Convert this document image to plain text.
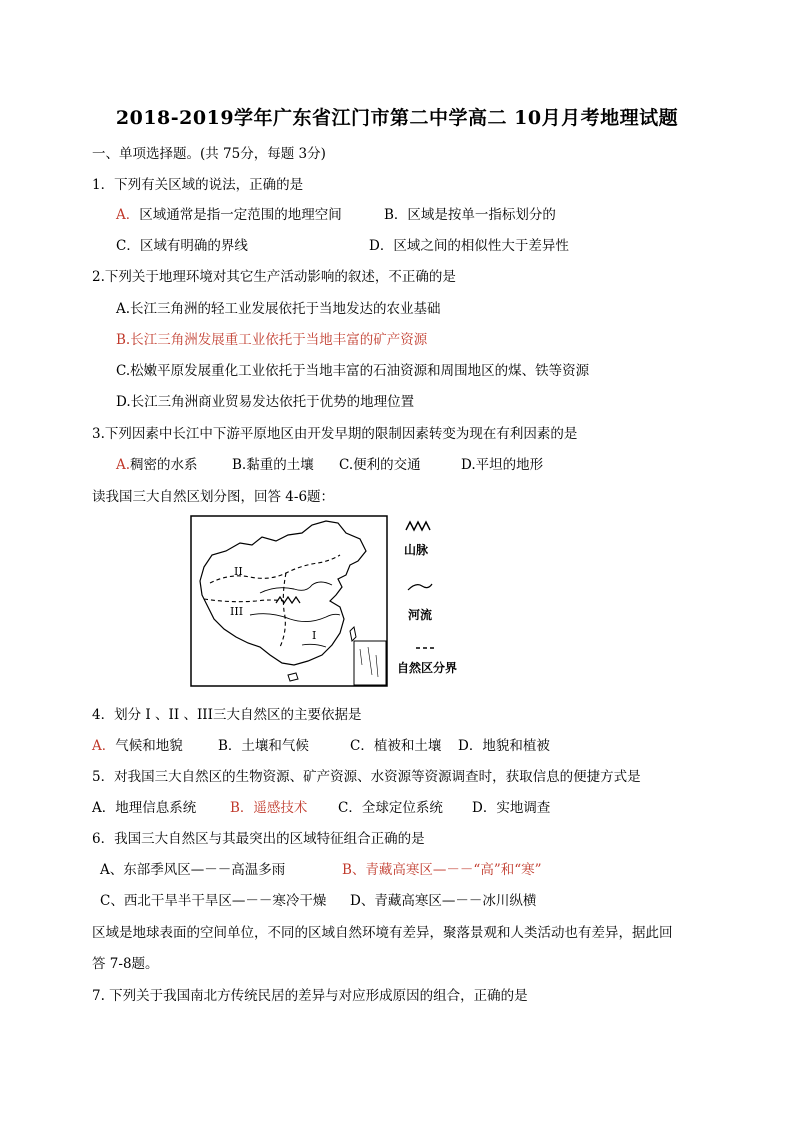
2018-2019学年广东省江门市第二中学高二 10月月考地理试题
一、单项选择题。(共 75分，每题 3分)
1．下列有关区域的说法，正确的是
A．区域通常是指一定范围的地理空间	B．区域是按单一指标划分的
C．区域有明确的界线	D．区域之间的相似性大于差异性
2.下列关于地理环境对其它生产活动影响的叙述，不正确的是
A.长江三角洲的轻工业发展依托于当地发达的农业基础
B.长江三角洲发展重工业依托于当地丰富的矿产资源
C.松嫩平原发展重化工业依托于当地丰富的石油资源和周围地区的煤、铁等资源
D.长江三角洲商业贸易发达依托于优势的地理位置
3.下列因素中长江中下游平原地区由开发早期的限制因素转变为现在有利因素的是
A.稠密的水系	B.黏重的土壤 C.便利的交通	D.平坦的地形
读我国三大自然区划分图，回答 4-6题：
II
III
I
山脉
河流
自然区分界
4．划分 I 、II 、III三大自然区的主要依据是
A．气候和地貌	B．土壤和气候	C．植被和土壤 D．地貌和植被
5．对我国三大自然区的生物资源、矿产资源、水资源等资源调查时，获取信息的便捷方式是
A．地理信息系统	B．遥感技术 C．全球定位系统 D．实地调查
6．我国三大自然区与其最突出的区域特征组合正确的是
A、东部季风区—－－高温多雨	B、青藏高寒区—－－“高”和“寒”
C、西北干旱半干旱区—－－寒冷干燥 D、青藏高寒区—－－冰川纵横
区域是地球表面的空间单位，不同的区域自然环境有差异，聚落景观和人类活动也有差异，据此回
答 7-8题。
7. 下列关于我国南北方传统民居的差异与对应形成原因的组合，正确的是
